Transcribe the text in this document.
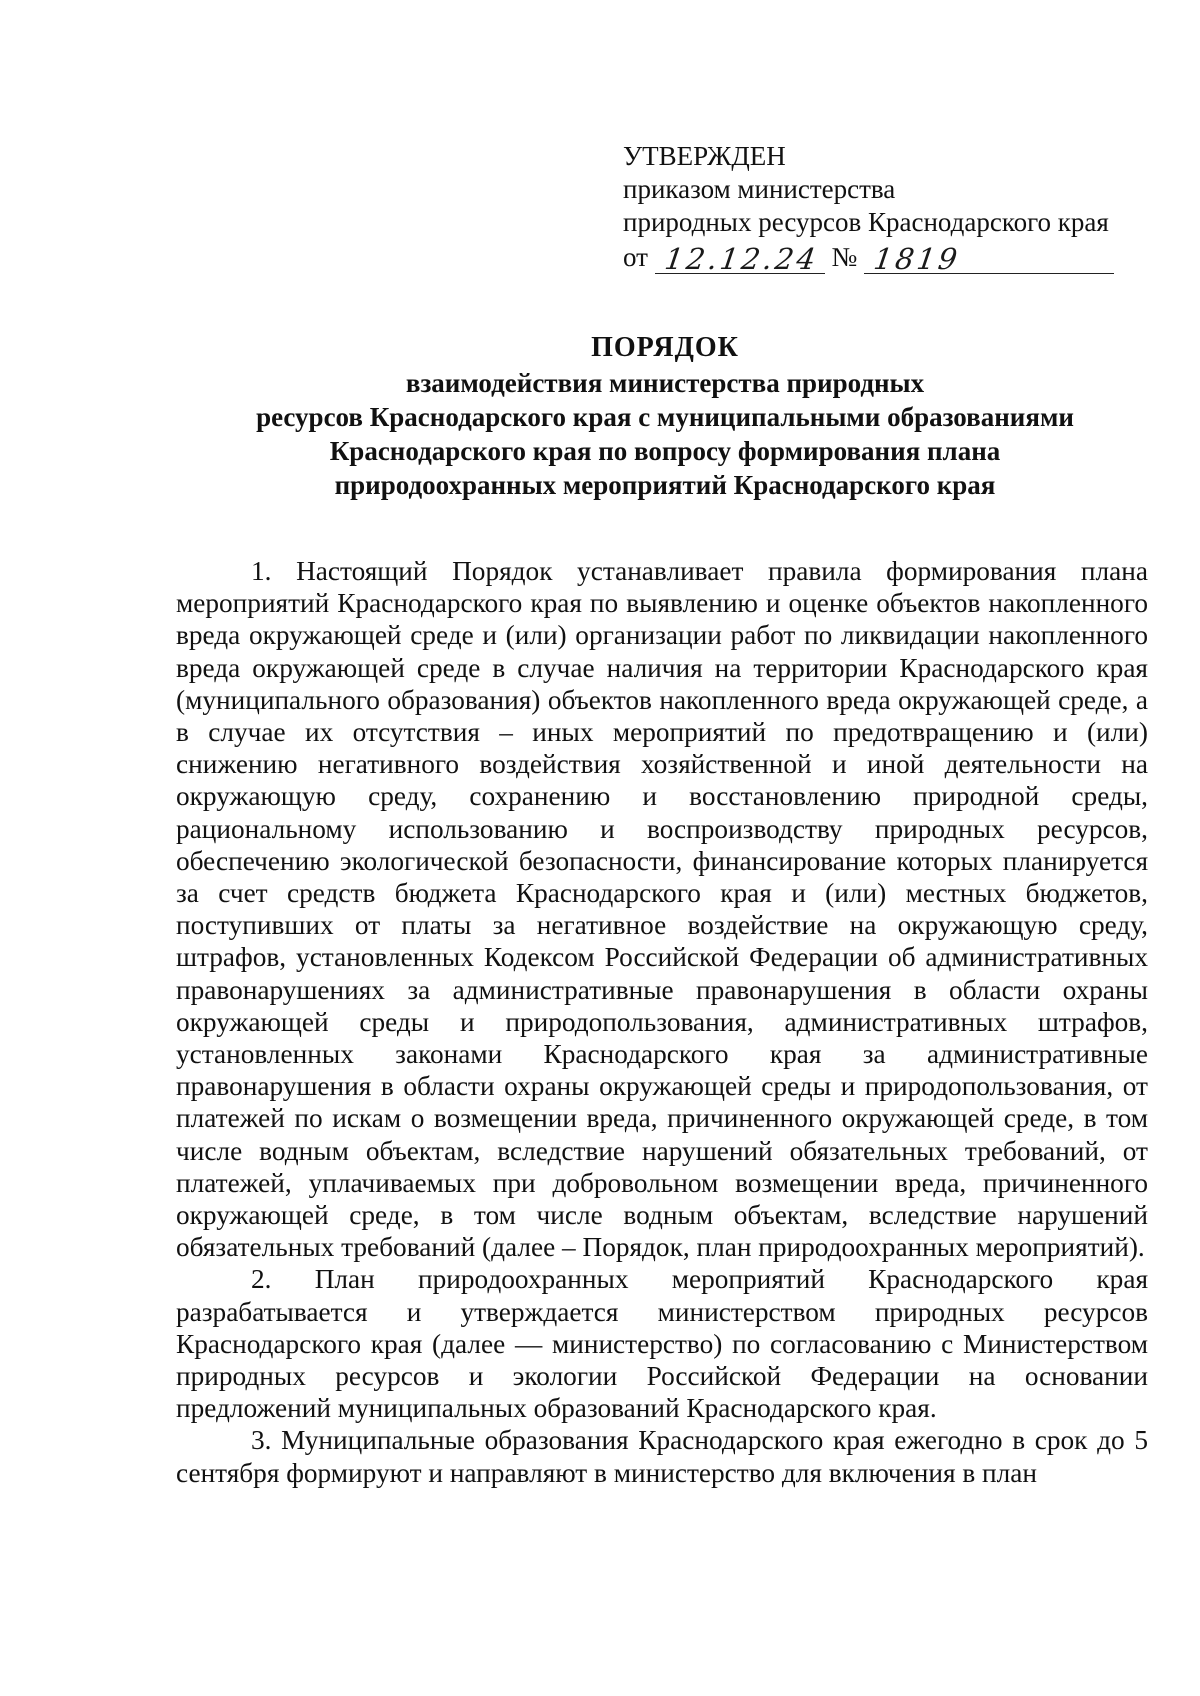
УТВЕРЖДЕН
приказом министерства
природных ресурсов Краснодарского края
от 12.12.24 № 1819
ПОРЯДОК
взаимодействия министерства природных
ресурсов Краснодарского края с муниципальными образованиями
Краснодарского края по вопросу формирования плана
природоохранных мероприятий Краснодарского края

1. Настоящий Порядок устанавливает правила формирования плана мероприятий Краснодарского края по выявлению и оценке объектов накопленного вреда окружающей среде и (или) организации работ по ликвидации накопленного вреда окружающей среде в случае наличия на территории Краснодарского края (муниципального образования) объектов накопленного вреда окружающей среде, а в случае их отсутствия – иных мероприятий по предотвращению и (или) снижению негативного воздействия хозяйственной и иной деятельности на окружающую среду, сохранению и восстановлению природной среды, рациональному использованию и воспроизводству природных ресурсов, обеспечению экологической безопасности, финансирование которых планируется за счет средств бюджета Краснодарского края и (или) местных бюджетов, поступивших от платы за негативное воздействие на окружающую среду, штрафов, установленных Кодексом Российской Федерации об административных правонарушениях за административные правонарушения в области охраны окружающей среды и природопользования, административных штрафов, установленных законами Краснодарского края за административные правонарушения в области охраны окружающей среды и природопользования, от платежей по искам о возмещении вреда, причиненного окружающей среде, в том числе водным объектам, вследствие нарушений обязательных требований, от платежей, уплачиваемых при добровольном возмещении вреда, причиненного окружающей среде, в том числе водным объектам, вследствие нарушений обязательных требований (далее – Порядок, план природоохранных мероприятий).

2. План природоохранных мероприятий Краснодарского края разрабатывается и утверждается министерством природных ресурсов Краснодарского края (далее — министерство) по согласованию с Министерством природных ресурсов и экологии Российской Федерации на основании предложений муниципальных образований Краснодарского края.

3. Муниципальные образования Краснодарского края ежегодно в срок до 5 сентября формируют и направляют в министерство для включения в план
